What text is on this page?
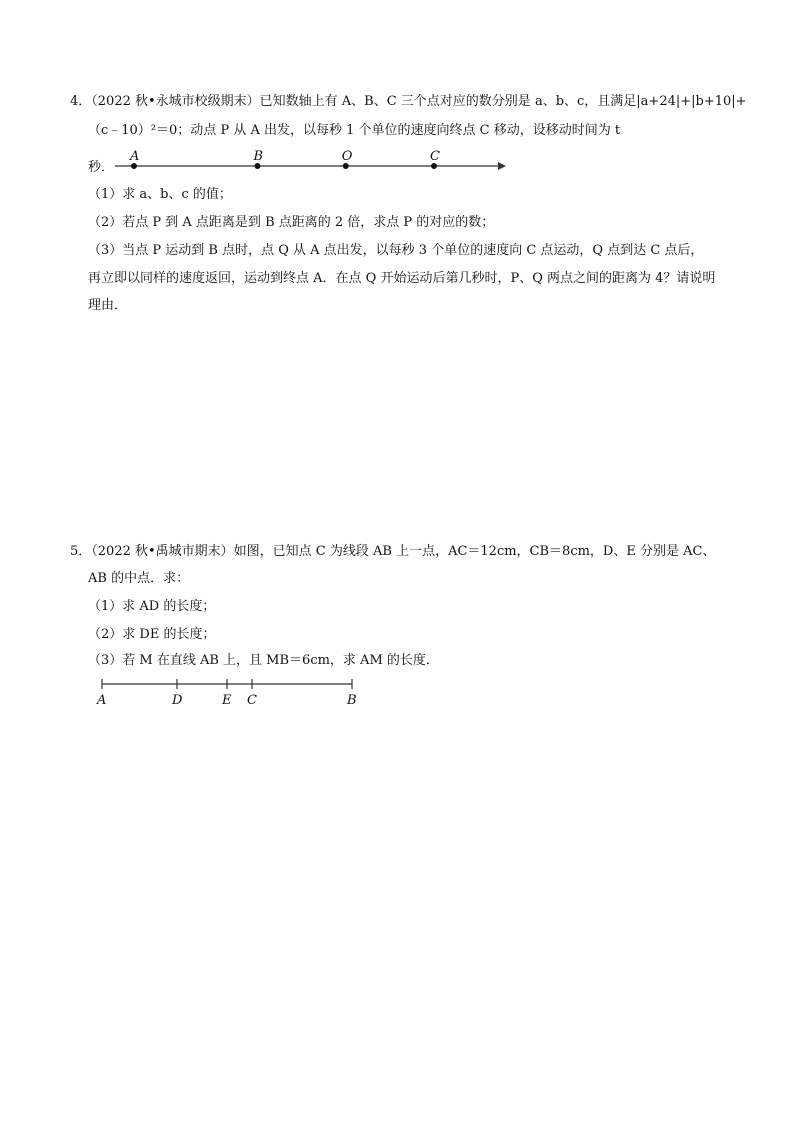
4．（2022 秋•永城市校级期末）已知数轴上有 A、B、C 三个点对应的数分别是 a、b、c，且满足|a+24|+|b+10|+
（c﹣10）²＝0；动点 P 从 A 出发，以每秒 1 个单位的速度向终点 C 移动，设移动时间为 t
秒．
A	B	O	C
（1）求 a、b、c 的值；
（2）若点 P 到 A 点距离是到 B 点距离的 2 倍，求点 P 的对应的数；
（3）当点 P 运动到 B 点时，点 Q 从 A 点出发，以每秒 3 个单位的速度向 C 点运动，Q 点到达 C 点后，
再立即以同样的速度返回，运动到终点 A．在点 Q 开始运动后第几秒时，P、Q 两点之间的距离为 4？请说明
理由．
5．（2022 秋•禹城市期末）如图，已知点 C 为线段 AB 上一点，AC＝12cm，CB＝8cm，D、E 分别是 AC、
AB 的中点．求：
（1）求 AD 的长度；
（2）求 DE 的长度；
（3）若 M 在直线 AB 上，且 MB＝6cm，求 AM 的长度．
A	D	E C	B
